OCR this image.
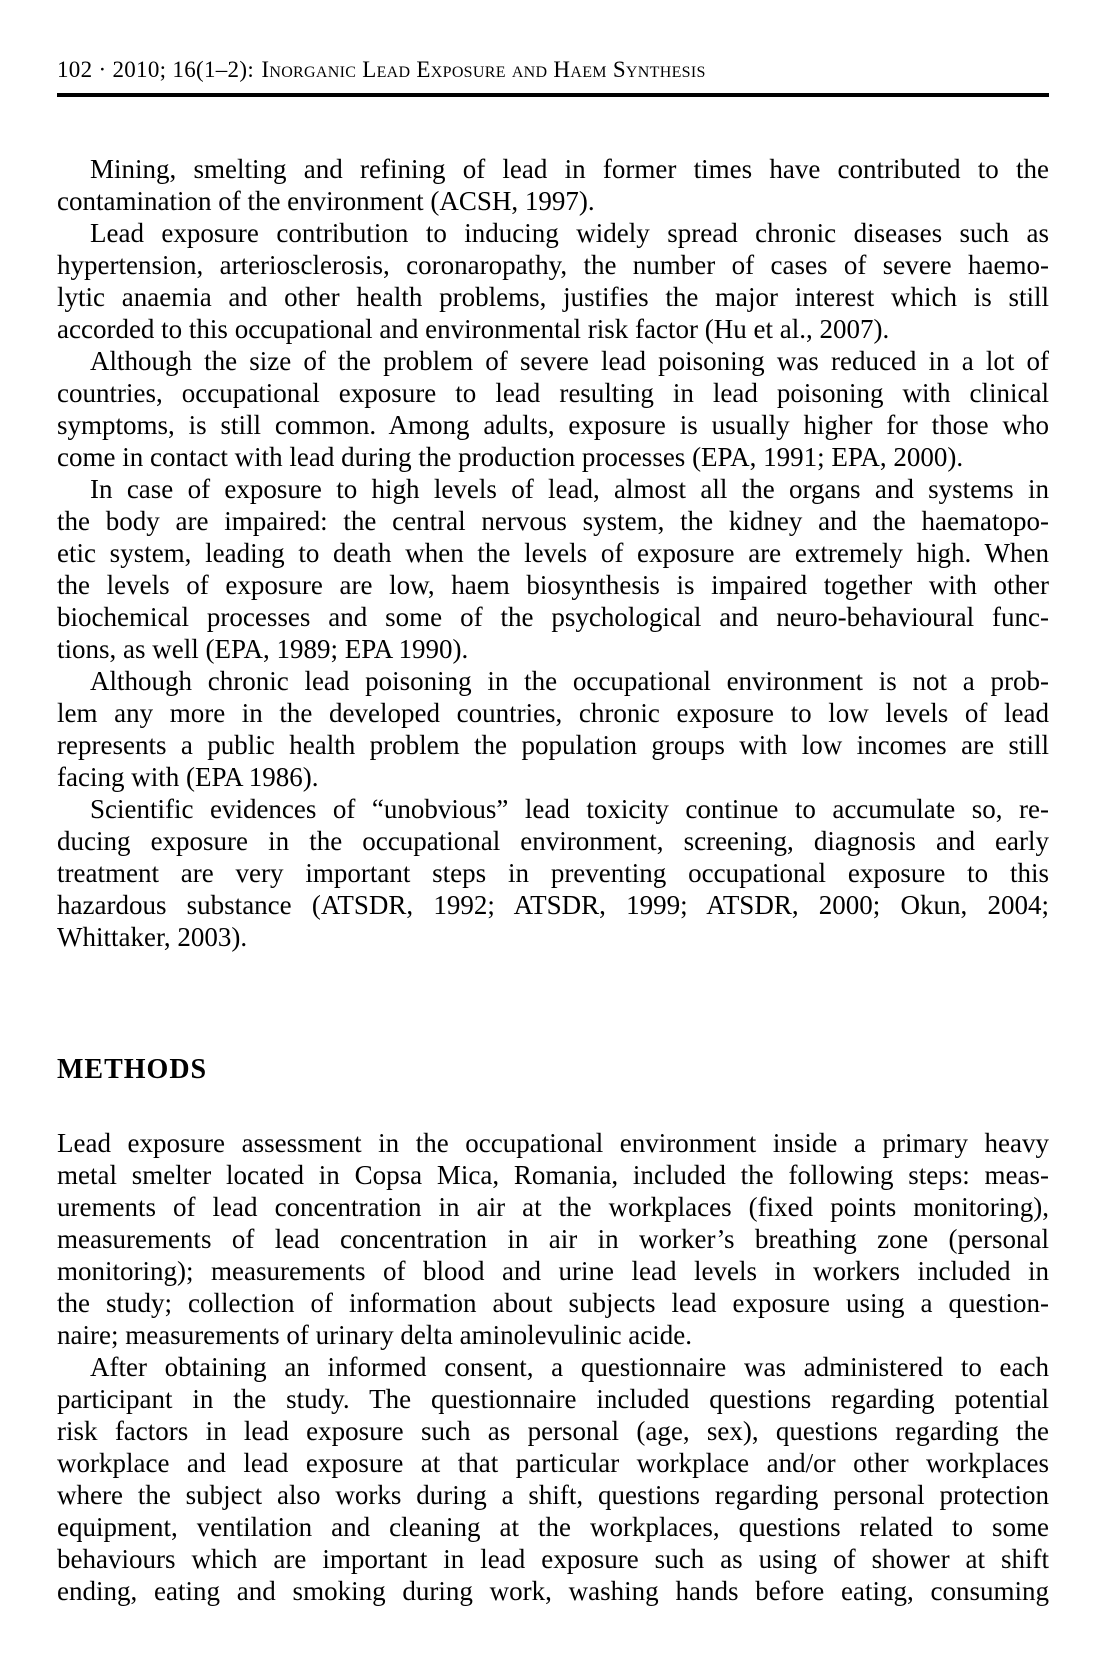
102 · 2010; 16(1–2): Inorganic Lead Exposure and Haem Synthesis
Mining, smelting and refining of lead in former times have contributed to the
contamination of the environment (ACSH, 1997).
Lead exposure contribution to inducing widely spread chronic diseases such as
hypertension, arteriosclerosis, coronaropathy, the number of cases of severe haemo-
lytic anaemia and other health problems, justifies the major interest which is still
accorded to this occupational and environmental risk factor (Hu et al., 2007).
Although the size of the problem of severe lead poisoning was reduced in a lot of
countries, occupational exposure to lead resulting in lead poisoning with clinical
symptoms, is still common. Among adults, exposure is usually higher for those who
come in contact with lead during the production processes (EPA, 1991; EPA, 2000).
In case of exposure to high levels of lead, almost all the organs and systems in
the body are impaired: the central nervous system, the kidney and the haematopo-
etic system, leading to death when the levels of exposure are extremely high. When
the levels of exposure are low, haem biosynthesis is impaired together with other
biochemical processes and some of the psychological and neuro-behavioural func-
tions, as well (EPA, 1989; EPA 1990).
Although chronic lead poisoning in the occupational environment is not a prob-
lem any more in the developed countries, chronic exposure to low levels of lead
represents a public health problem the population groups with low incomes are still
facing with (EPA 1986).
Scientific evidences of “unobvious” lead toxicity continue to accumulate so, re-
ducing exposure in the occupational environment, screening, diagnosis and early
treatment are very important steps in preventing occupational exposure to this
hazardous substance (ATSDR, 1992; ATSDR, 1999; ATSDR, 2000; Okun, 2004;
Whittaker, 2003).
METHODS
Lead exposure assessment in the occupational environment inside a primary heavy
metal smelter located in Copsa Mica, Romania, included the following steps: meas-
urements of lead concentration in air at the workplaces (fixed points monitoring),
measurements of lead concentration in air in worker’s breathing zone (personal
monitoring); measurements of blood and urine lead levels in workers included in
the study; collection of information about subjects lead exposure using a question-
naire; measurements of urinary delta aminolevulinic acide.
After obtaining an informed consent, a questionnaire was administered to each
participant in the study. The questionnaire included questions regarding potential
risk factors in lead exposure such as personal (age, sex), questions regarding the
workplace and lead exposure at that particular workplace and/or other workplaces
where the subject also works during a shift, questions regarding personal protection
equipment, ventilation and cleaning at the workplaces, questions related to some
behaviours which are important in lead exposure such as using of shower at shift
ending, eating and smoking during work, washing hands before eating, consuming
